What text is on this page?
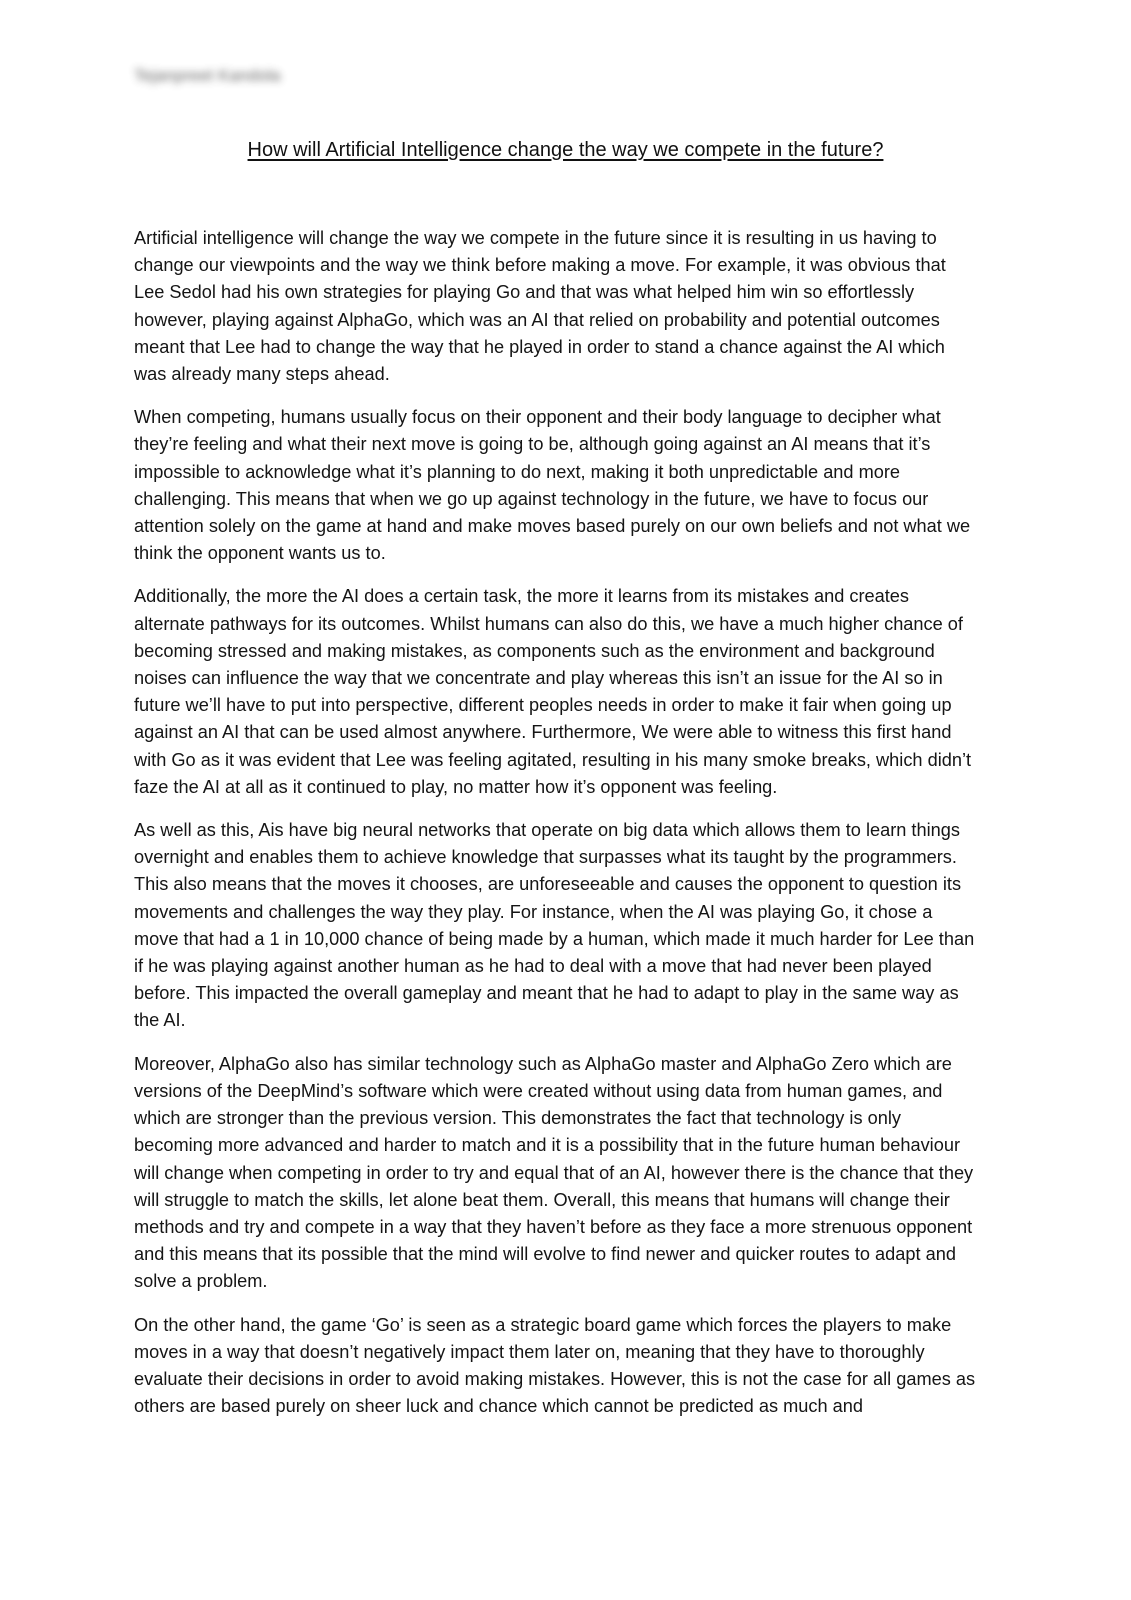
Tejanpreet Kandola
How will Artificial Intelligence change the way we compete in the future?

Artificial intelligence will change the way we compete in the future since it is resulting in us having to change our viewpoints and the way we think before making a move. For example, it was obvious that Lee Sedol had his own strategies for playing Go and that was what helped him win so effortlessly however, playing against AlphaGo, which was an AI that relied on probability and potential outcomes meant that Lee had to change the way that he played in order to stand a chance against the AI which was already many steps ahead.

When competing, humans usually focus on their opponent and their body language to decipher what they’re feeling and what their next move is going to be, although going against an AI means that it’s impossible to acknowledge what it’s planning to do next, making it both unpredictable and more challenging. This means that when we go up against technology in the future, we have to focus our attention solely on the game at hand and make moves based purely on our own beliefs and not what we think the opponent wants us to.

Additionally, the more the AI does a certain task, the more it learns from its mistakes and creates alternate pathways for its outcomes. Whilst humans can also do this, we have a much higher chance of becoming stressed and making mistakes, as components such as the environment and background noises can influence the way that we concentrate and play whereas this isn’t an issue for the AI so in future we’ll have to put into perspective, different peoples needs in order to make it fair when going up against an AI that can be used almost anywhere. Furthermore, We were able to witness this first hand with Go as it was evident that Lee was feeling agitated, resulting in his many smoke breaks, which didn’t faze the AI at all as it continued to play, no matter how it’s opponent was feeling.

As well as this, Ais have big neural networks that operate on big data which allows them to learn things overnight and enables them to achieve knowledge that surpasses what its taught by the programmers. This also means that the moves it chooses, are unforeseeable and causes the opponent to question its movements and challenges the way they play. For instance, when the AI was playing Go, it chose a move that had a 1 in 10,000 chance of being made by a human, which made it much harder for Lee than if he was playing against another human as he had to deal with a move that had never been played before. This impacted the overall gameplay and meant that he had to adapt to play in the same way as the AI.

Moreover, AlphaGo also has similar technology such as AlphaGo master and AlphaGo Zero which are versions of the DeepMind’s software which were created without using data from human games, and which are stronger than the previous version. This demonstrates the fact that technology is only becoming more advanced and harder to match and it is a possibility that in the future human behaviour will change when competing in order to try and equal that of an AI, however there is the chance that they will struggle to match the skills, let alone beat them. Overall, this means that humans will change their methods and try and compete in a way that they haven’t before as they face a more strenuous opponent and this means that its possible that the mind will evolve to find newer and quicker routes to adapt and solve a problem.

On the other hand, the game ‘Go’ is seen as a strategic board game which forces the players to make moves in a way that doesn’t negatively impact them later on, meaning that they have to thoroughly evaluate their decisions in order to avoid making mistakes. However, this is not the case for all games as others are based purely on sheer luck and chance which cannot be predicted as much and
